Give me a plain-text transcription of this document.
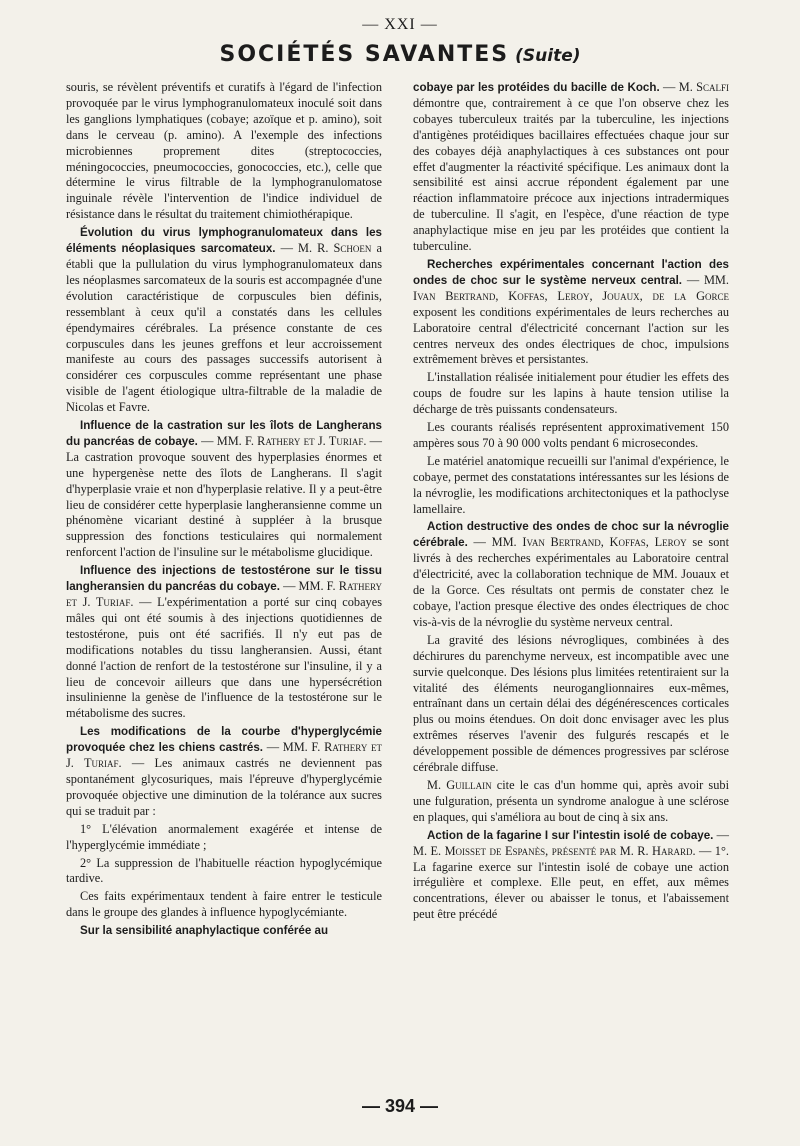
— XXI —
SOCIÉTÉS SAVANTES (Suite)

souris, se révèlent préventifs et curatifs à l'égard de l'infection provoquée par le virus lymphogranulomateux inoculé soit dans les ganglions lymphatiques (cobaye; azoïque et p. amino), soit dans le cerveau (p. amino). A l'exemple des infections microbiennes proprement dites (streptococcies, méningococcies, pneumococcies, gonococcies, etc.), celle que détermine le virus filtrable de la lymphogranulomatose inguinale révèle l'intervention de l'indice individuel de résistance dans le résultat du traitement chimiothérapique.

Évolution du virus lymphogranulomateux dans les éléments néoplasiques sarcomateux. — M. R. Schoen a établi que la pullulation du virus lymphogranulomateux dans les néoplasmes sarcomateux de la souris est accompagnée d'une évolution caractéristique de corpuscules bien définis, ressemblant à ceux qu'il a constatés dans les cellules épendymaires cérébrales. La présence constante de ces corpuscules dans les jeunes greffons et leur accroissement manifeste au cours des passages successifs autorisent à considérer ces corpuscules comme représentant une phase visible de l'agent étiologique ultra-filtrable de la maladie de Nicolas et Favre.

Influence de la castration sur les îlots de Langherans du pancréas de cobaye. — MM. F. Rathery et J. Turiaf. — La castration provoque souvent des hyperplasies énormes et une hypergenèse nette des îlots de Langherans. Il s'agit d'hyperplasie vraie et non d'hyperplasie relative. Il y a peut-être lieu de considérer cette hyperplasie langheransienne comme un phénomène vicariant destiné à suppléer à la brusque suppression des fonctions testiculaires qui normalement renforcent l'action de l'insuline sur le métabolisme glucidique.

Influence des injections de testostérone sur le tissu langheransien du pancréas du cobaye. — MM. F. Rathery et J. Turiaf. — L'expérimentation a porté sur cinq cobayes mâles qui ont été soumis à des injections quotidiennes de testostérone, puis ont été sacrifiés. Il n'y eut pas de modifications notables du tissu langheransien. Aussi, étant donné l'action de renfort de la testostérone sur l'insuline, il y a lieu de concevoir ailleurs que dans une hypersécrétion insulinienne la genèse de l'influence de la testostérone sur le métabolisme des sucres.

Les modifications de la courbe d'hyperglycémie provoquée chez les chiens castrés. — MM. F. Rathery et J. Turiaf. — Les animaux castrés ne deviennent pas spontanément glycosuriques, mais l'épreuve d'hyperglycémie provoquée objective une diminution de la tolérance aux sucres qui se traduit par :

1° L'élévation anormalement exagérée et intense de l'hyperglycémie immédiate ;

2° La suppression de l'habituelle réaction hypoglycémique tardive.

Ces faits expérimentaux tendent à faire entrer le testicule dans le groupe des glandes à influence hypoglycémiante.

Sur la sensibilité anaphylactique conférée au

cobaye par les protéides du bacille de Koch. — M. Scalfi démontre que, contrairement à ce que l'on observe chez les cobayes tuberculeux traités par la tuberculine, les injections d'antigènes protéidiques bacillaires effectuées chaque jour sur des cobayes déjà anaphylactiques à ces substances ont pour effet d'augmenter la réactivité spécifique. Les animaux dont la sensibilité est ainsi accrue répondent également par une réaction inflammatoire précoce aux injections intradermiques de tuberculine. Il s'agit, en l'espèce, d'une réaction de type anaphylactique mise en jeu par les protéides que contient la tuberculine.

Recherches expérimentales concernant l'action des ondes de choc sur le système nerveux central. — MM. Ivan Bertrand, Koffas, Leroy, Jouaux, de la Gorce exposent les conditions expérimentales de leurs recherches au Laboratoire central d'électricité concernant l'action sur les centres nerveux des ondes électriques de choc, impulsions extrêmement brèves et persistantes.

L'installation réalisée initialement pour étudier les effets des coups de foudre sur les lapins à haute tension utilise la décharge de très puissants condensateurs.

Les courants réalisés représentent approximativement 150 ampères sous 70 à 90 000 volts pendant 6 microsecondes.

Le matériel anatomique recueilli sur l'animal d'expérience, le cobaye, permet des constatations intéressantes sur les lésions de la névroglie, les modifications architectoniques et la pathoclyse lamellaire.

Action destructive des ondes de choc sur la névroglie cérébrale. — MM. Ivan Bertrand, Koffas, Leroy se sont livrés à des recherches expérimentales au Laboratoire central d'électricité, avec la collaboration technique de MM. Jouaux et de la Gorce. Ces résultats ont permis de constater chez le cobaye, l'action presque élective des ondes électriques de choc vis-à-vis de la névroglie du système nerveux central.

La gravité des lésions névrogliques, combinées à des déchirures du parenchyme nerveux, est incompatible avec une survie quelconque. Des lésions plus limitées retentiraient sur la vitalité des éléments neuroganglionnaires eux-mêmes, entraînant dans un certain délai des dégénérescences corticales plus ou moins étendues. On doit donc envisager avec les plus extrêmes réserves l'avenir des fulgurés rescapés et le développement possible de démences progressives par sclérose cérébrale diffuse.

M. Guillain cite le cas d'un homme qui, après avoir subi une fulguration, présenta un syndrome analogue à une sclérose en plaques, qui s'améliora au bout de cinq à six ans.

Action de la fagarine I sur l'intestin isolé de cobaye. — M. E. Moisset de Espanès, présenté par M. R. Harard. — 1°. La fagarine exerce sur l'intestin isolé de cobaye une action irrégulière et complexe. Elle peut, en effet, aux mêmes concentrations, élever ou abaisser le tonus, et l'abaissement peut être précédé

— 394 —
